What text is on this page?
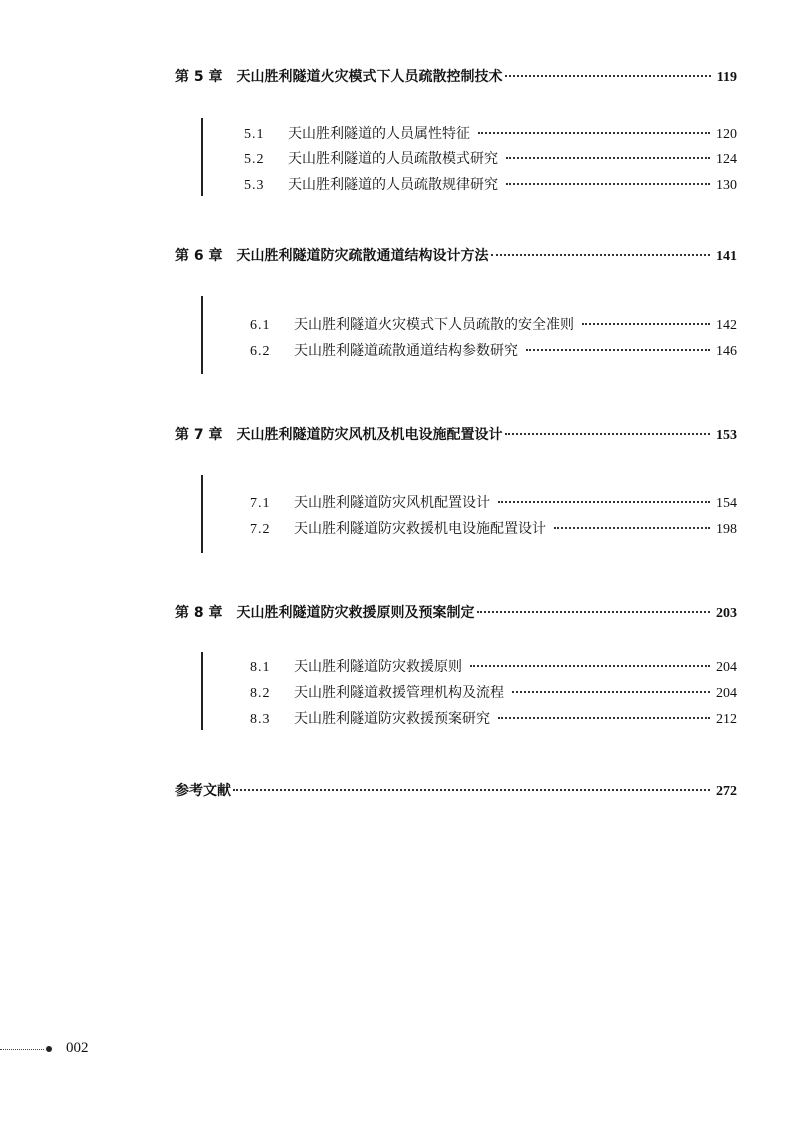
第 5 章 天山胜利隧道火灾模式下人员疏散控制技术	119
5.1	天山胜利隧道的人员属性特征	120
5.2	天山胜利隧道的人员疏散模式研究	124
5.3	天山胜利隧道的人员疏散规律研究	130
第 6 章 天山胜利隧道防灾疏散通道结构设计方法	141
6.1	天山胜利隧道火灾模式下人员疏散的安全准则	142
6.2	天山胜利隧道疏散通道结构参数研究	146
第 7 章 天山胜利隧道防灾风机及机电设施配置设计	153
7.1	天山胜利隧道防灾风机配置设计	154
7.2	天山胜利隧道防灾救援机电设施配置设计	198
第 8 章 天山胜利隧道防灾救援原则及预案制定	203
8.1	天山胜利隧道防灾救援原则	204
8.2	天山胜利隧道救援管理机构及流程	204
8.3	天山胜利隧道防灾救援预案研究	212
参考文献	272
002
